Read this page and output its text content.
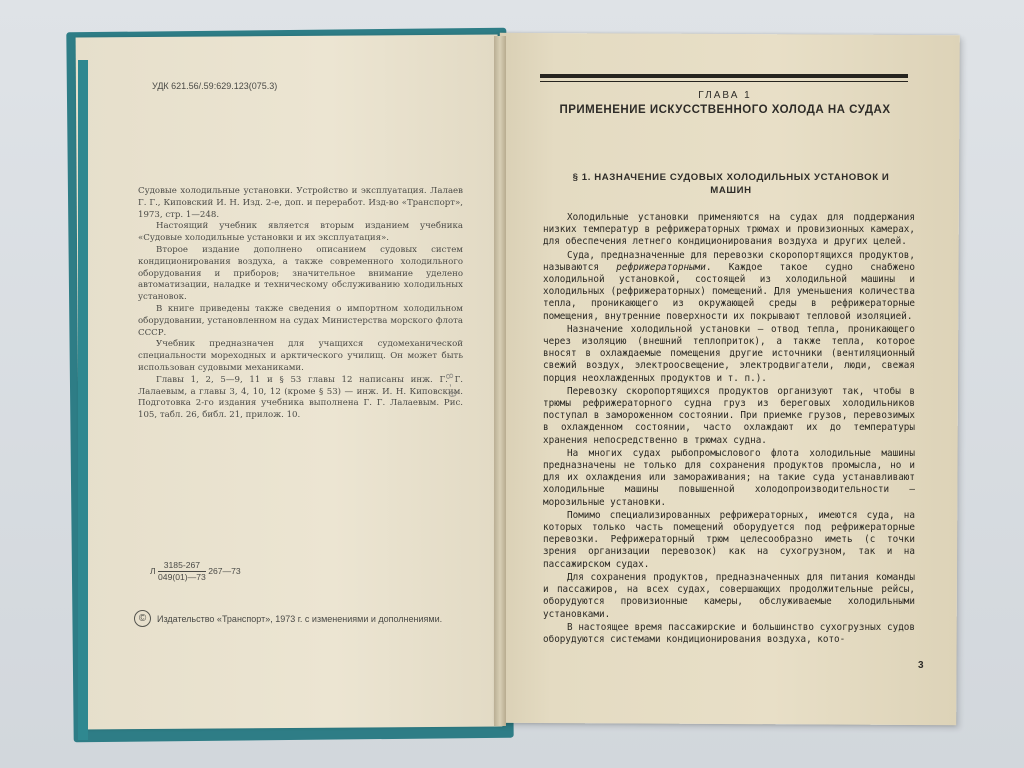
УДК 621.56/.59:629.123(075.3)

Судовые холодильные установки. Устройство и эксплуатация. Лалаев Г. Г., Киповский И. Н. Изд. 2-е, доп. и переработ. Изд-во «Транспорт», 1973, стр. 1—248.

Настоящий учебник является вторым изданием учебника «Судовые холодильные установки и их эксплуатация».

Второе издание дополнено описанием судовых систем кондиционирования воздуха, а также современного холодильного оборудования и приборов; значительное внимание уделено автоматизации, наладке и техническому обслуживанию холодильных установок.

В книге приведены также сведения о импортном холодильном оборудовании, установленном на судах Министерства морского флота СССР.

Учебник предназначен для учащихся судомеханической специальности мореходных и арктического училищ. Он может быть использован судовыми механиками.

Главы 1, 2, 5—9, 11 и § 53 главы 12 написаны инж. Г. Г. Лалаевым, а главы 3, 4, 10, 12 (кроме § 53) — инж. И. Н. Киповским. Подготовка 2-го издания учебника выполнена Г. Г. Лалаевым. Рис. 105, табл. 26, библ. 21, прилож. 10.

Л $\frac{3185-267}{049(01)—73}$ 267—73
©	Издательство «Транспорт», 1973 г. с изменениями и дополнениями.
8 - 9 -
ГЛАВА 1
ПРИМЕНЕНИЕ ИСКУССТВЕННОГО ХОЛОДА НА СУДАХ
§ 1. НАЗНАЧЕНИЕ СУДОВЫХ ХОЛОДИЛЬНЫХ УСТАНОВОК И МАШИН

Холодильные установки применяются на судах для поддержания низких температур в рефрижераторных трюмах и провизионных камерах, для обеспечения летнего кондиционирования воздуха и других целей.

Суда, предназначенные для перевозки скоропортящихся продуктов, называются рефрижераторными. Каждое такое судно снабжено холодильной установкой, состоящей из холодильной машины и холодильных (рефрижераторных) помещений. Для уменьшения количества тепла, проникающего из окружающей среды в рефрижераторные помещения, внутренние поверхности их покрывают тепловой изоляцией.

Назначение холодильной установки — отвод тепла, проникающего через изоляцию (внешний теплоприток), а также тепла, которое вносят в охлаждаемые помещения другие источники (вентиляционный свежий воздух, электроосвещение, электродвигатели, люди, свежая порция неохлажденных продуктов и т. п.).

Перевозку скоропортящихся продуктов организуют так, чтобы в трюмы рефрижераторного судна груз из береговых холодильников поступал в замороженном состоянии. При приемке грузов, перевозимых в охлажденном состоянии, часто охлаждают их до температуры хранения непосредственно в трюмах судна.

На многих судах рыбопромыслового флота холодильные машины предназначены не только для сохранения продуктов промысла, но и для их охлаждения или замораживания; на такие суда устанавливают холодильные машины повышенной холодопроизводительности — морозильные установки.

Помимо специализированных рефрижераторных, имеются суда, на которых только часть помещений оборудуется под рефрижераторные перевозки. Рефрижераторный трюм целесообразно иметь (с точки зрения организации перевозок) как на сухогрузном, так и на пассажирском судах.

Для сохранения продуктов, предназначенных для питания команды и пассажиров, на всех судах, совершающих продолжительные рейсы, оборудуются провизионные камеры, обслуживаемые холодильными установками.

В настоящее время пассажирские и большинство сухогрузных судов оборудуются системами кондиционирования воздуха, кото-

3
